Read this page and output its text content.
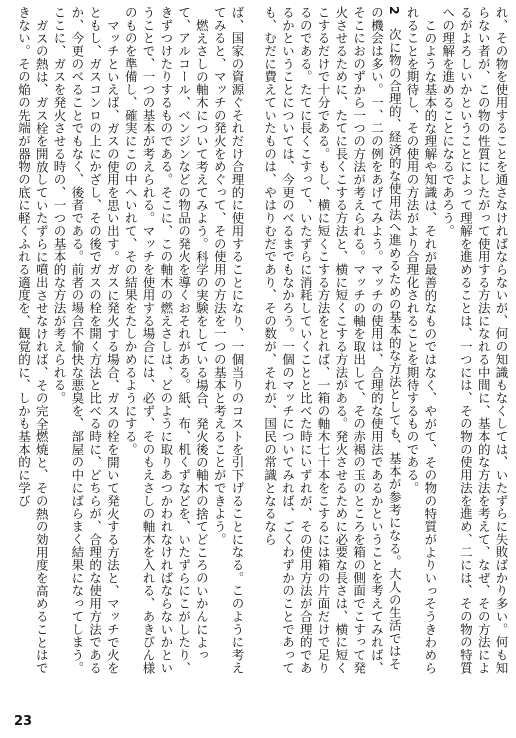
れ、その物を使用することを通さなければならないが、何の知識もなくしては、いたずらに失敗ばかり多い。何も知らない者が、この物の性質にしたがって使用する方法になれる中間に、基本的な方法を考えて、なぜ、その方法によるがよろしいかということによって理解を進めることは、一つには、その物の使用法を進め、二には、その物の特質への理解を進めることになるであろう。

このような基本的な理解や知識は、それが最善的なものではなく、やがて、その物の特質がよりいっそうきわめられることを期待し、その使用の方法がより合理化されることを期待するものである。

2　次に物の合理的、経済的な使用法へ進めるための基本的な方法としても、基本が参考になる。大人の生活ではその機会は多い。一、二の例をあげてみよう。マッチの使用は、合理的な使用法であるかということを考えてみれば、そこにおのずから一つの方法が考えられる。マッチの軸を取出して、その赤褐の玉のところを箱の側面でこすって発火させるために、たてに長くこする方法と、横に短くこする方法がある。発火させるために必要な長さは、横に短くこするだけで十分である。もし、横に短くこする方法をとれば、一箱の軸木七十本をこするには箱の片面だけで足りるのである。たてに長くこすって、いたずらに消耗していくことと比べた時にいずれが、その使用方法が合理的であるかということについては、今更のべるまでもなかろう。一個のマッチについてみれば、ごくわずかのことであっても、むだに費えていたものは、やはりむだであり、その数が、それが、国民の常識となるなら

ば、国家の資源ぐそれだけ合理的に使用することになり、一個当りのコストを引下げることになる。このように考えてみると、マッチの発火をめぐって、その使用の方法を一つの基本と考えることができよう。

燃えさしの軸木について考えてみよう。科学の実験をしている場合、発火後の軸木の捨てどころのいかんによって、アルコール、ベンジンなどの物品の発火を導くおそれがある。紙、布、机くずなどを、いたずらにこがしたり、きずつけたりするものである。そこに、この軸木の燃えさしは、どのように取りあつかわれなければならないかということで、一つの基本が考えられる。マッチを使用する場合には、必ず、そのもえさしの軸木を入れる、あきびん様のものを準備し、確実にこの中へいれて、その結果をたしかめるようにする。

マッチといえば、ガスの使用を思い出す。ガスに発火する場合、ガスの栓を開いて発火する方法と、マッチで火をともし、ガスコンロの上にかざし、その後でガスの栓を開く方法と比べる時に、どちらが、合理的な使用方法であるか、今更のべることでもなく、後者である。前者の場合不愉快な悪臭を、部屋の中にばらまく結果になってしまう。ここに、ガスを発火させる時の、一つの基本的な方法が考えられる。

ガスの熱は、ガス栓を開放していたずらに噴出させなければ、その完全燃焼と、その熱の効用度を高めることはできない。その焔の先端が器物の底に軽くふれる適度を、観覚的に、しかも基本的に学び

23
